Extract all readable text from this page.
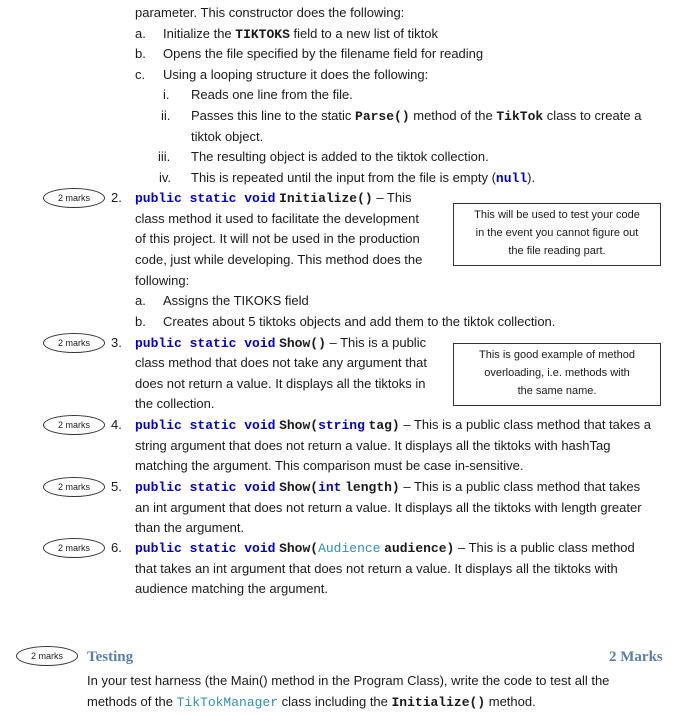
parameter. This constructor does the following:
a. Initialize the TIKTOKS field to a new list of tiktok
b. Opens the file specified by the filename field for reading
c. Using a looping structure it does the following:
i. Reads one line from the file.
ii. Passes this line to the static Parse() method of the TikTok class to create a
tiktok object.
iii. The resulting object is added to the tiktok collection.
iv. This is repeated until the input from the file is empty (null).
2 marks	2. public static void Initialize() – This
class method it used to facilitate the development
of this project. It will not be used in the production
code, just while developing. This method does the
following:
a. Assigns the TIKOKS field
b. Creates about 5 tiktoks objects and add them to the tiktok collection.
This will be used to test your code
in the event you cannot figure out
the file reading part.
2 marks	3. public static void Show() – This is a public
class method that does not take any argument that
does not return a value. It displays all the tiktoks in
the collection.
This is good example of method
overloading, i.e. methods with
the same name.
2 marks	4. public static void Show(string tag) – This is a public class method that takes a
string argument that does not return a value. It displays all the tiktoks with hashTag
matching the argument. This comparison must be case in-sensitive.
2 marks	5. public static void Show(int length) – This is a public class method that takes
an int argument that does not return a value. It displays all the tiktoks with length greater
than the argument.
2 marks	6. public static void Show(Audience audience) – This is a public class method
that takes an int argument that does not return a value. It displays all the tiktoks with
audience matching the argument.
2 marks	Testing	2 Marks
In your test harness (the Main() method in the Program Class), write the code to test all the
methods of the TikTokManager class including the Initialize() method.
